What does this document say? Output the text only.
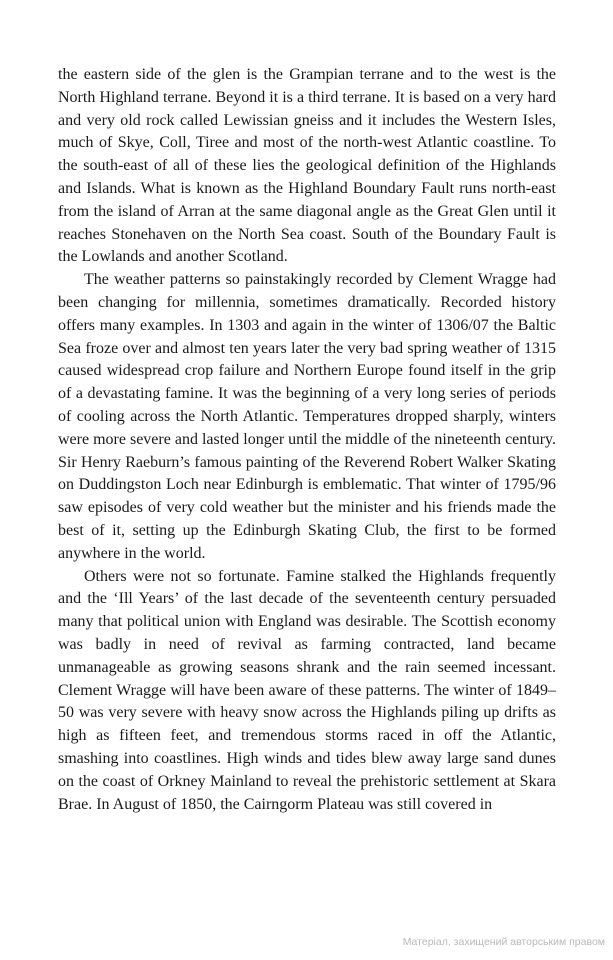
the eastern side of the glen is the Grampian terrane and to the west is the North Highland terrane. Beyond it is a third terrane. It is based on a very hard and very old rock called Lewissian gneiss and it includes the Western Isles, much of Skye, Coll, Tiree and most of the north-west Atlantic coastline. To the south-east of all of these lies the geological definition of the Highlands and Islands. What is known as the Highland Boundary Fault runs north-east from the island of Arran at the same diagonal angle as the Great Glen until it reaches Stonehaven on the North Sea coast. South of the Boundary Fault is the Lowlands and another Scotland.

The weather patterns so painstakingly recorded by Clement Wragge had been changing for millennia, sometimes dramatically. Recorded history offers many examples. In 1303 and again in the winter of 1306/07 the Baltic Sea froze over and almost ten years later the very bad spring weather of 1315 caused widespread crop failure and Northern Europe found itself in the grip of a devastating famine. It was the beginning of a very long series of periods of cooling across the North Atlantic. Temperatures dropped sharply, winters were more severe and lasted longer until the middle of the nineteenth century. Sir Henry Raeburn’s famous painting of the Reverend Robert Walker Skating on Duddingston Loch near Edinburgh is emblematic. That winter of 1795/96 saw episodes of very cold weather but the minister and his friends made the best of it, setting up the Edinburgh Skating Club, the first to be formed anywhere in the world.

Others were not so fortunate. Famine stalked the Highlands frequently and the ‘Ill Years’ of the last decade of the seventeenth century persuaded many that political union with England was desirable. The Scottish economy was badly in need of revival as farming contracted, land became unmanageable as growing seasons shrank and the rain seemed incessant. Clement Wragge will have been aware of these patterns. The winter of 1849–50 was very severe with heavy snow across the Highlands piling up drifts as high as fifteen feet, and tremendous storms raced in off the Atlantic, smashing into coastlines. High winds and tides blew away large sand dunes on the coast of Orkney Mainland to reveal the prehistoric settlement at Skara Brae. In August of 1850, the Cairngorm Plateau was still covered in

Матеріал, захищений авторським правом
